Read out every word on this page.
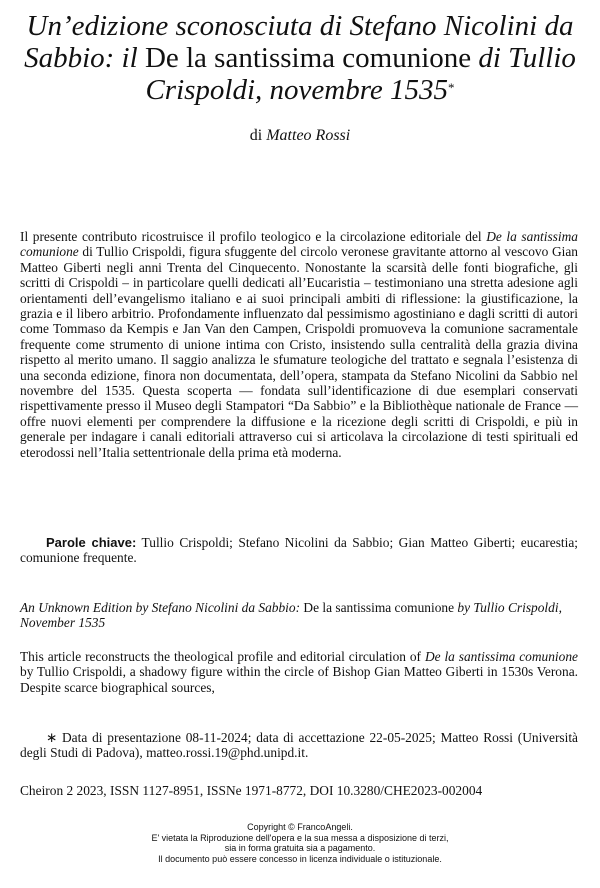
Un’edizione sconosciuta di Stefano Nicolini da Sabbio: il De la santissima comunione di Tullio Crispoldi, novembre 1535*
di Matteo Rossi
Il presente contributo ricostruisce il profilo teologico e la circolazione editoriale del De la santissima comunione di Tullio Crispoldi, figura sfuggente del circolo veronese gravitante attorno al vescovo Gian Matteo Giberti negli anni Trenta del Cinquecento. Nonostante la scarsità delle fonti biografiche, gli scritti di Crispoldi – in particolare quelli dedicati all’Eucaristia – testimoniano una stretta adesione agli orientamenti dell’evangelismo italiano e ai suoi principali ambiti di riflessione: la giustificazione, la grazia e il libero arbitrio. Profondamente influenzato dal pessimismo agostiniano e dagli scritti di autori come Tommaso da Kempis e Jan Van den Campen, Crispoldi promuoveva la comunione sacramentale frequente come strumento di unione intima con Cristo, insistendo sulla centralità della grazia divina rispetto al merito umano. Il saggio analizza le sfumature teologiche del trattato e segnala l’esistenza di una seconda edizione, finora non documentata, dell’opera, stampata da Stefano Nicolini da Sabbio nel novembre del 1535. Questa scoperta — fondata sull’identificazione di due esemplari conservati rispettivamente presso il Museo degli Stampatori “Da Sabbio” e la Bibliothèque nationale de France — offre nuovi elementi per comprendere la diffusione e la ricezione degli scritti di Crispoldi, e più in generale per indagare i canali editoriali attraverso cui si articolava la circolazione di testi spirituali ed eterodossi nell’Italia settentrionale della prima età moderna.
Parole chiave: Tullio Crispoldi; Stefano Nicolini da Sabbio; Gian Matteo Giberti; eucarestia; comunione frequente.
An Unknown Edition by Stefano Nicolini da Sabbio: De la santissima comunione by Tullio Crispoldi, November 1535
This article reconstructs the theological profile and editorial circulation of De la santissima comunione by Tullio Crispoldi, a shadowy figure within the circle of Bishop Gian Matteo Giberti in 1530s Verona. Despite scarce biographical sources,
∗ Data di presentazione 08-11-2024; data di accettazione 22-05-2025; Matteo Rossi (Università degli Studi di Padova), matteo.rossi.19@phd.unipd.it.
Cheiron 2 2023, ISSN 1127-8951, ISSNe 1971-8772, DOI 10.3280/CHE2023-002004
Copyright © FrancoAngeli.
E' vietata la Riproduzione dell'opera e la sua messa a disposizione di terzi,
sia in forma gratuita sia a pagamento.
Il documento può essere concesso in licenza individuale o istituzionale.
